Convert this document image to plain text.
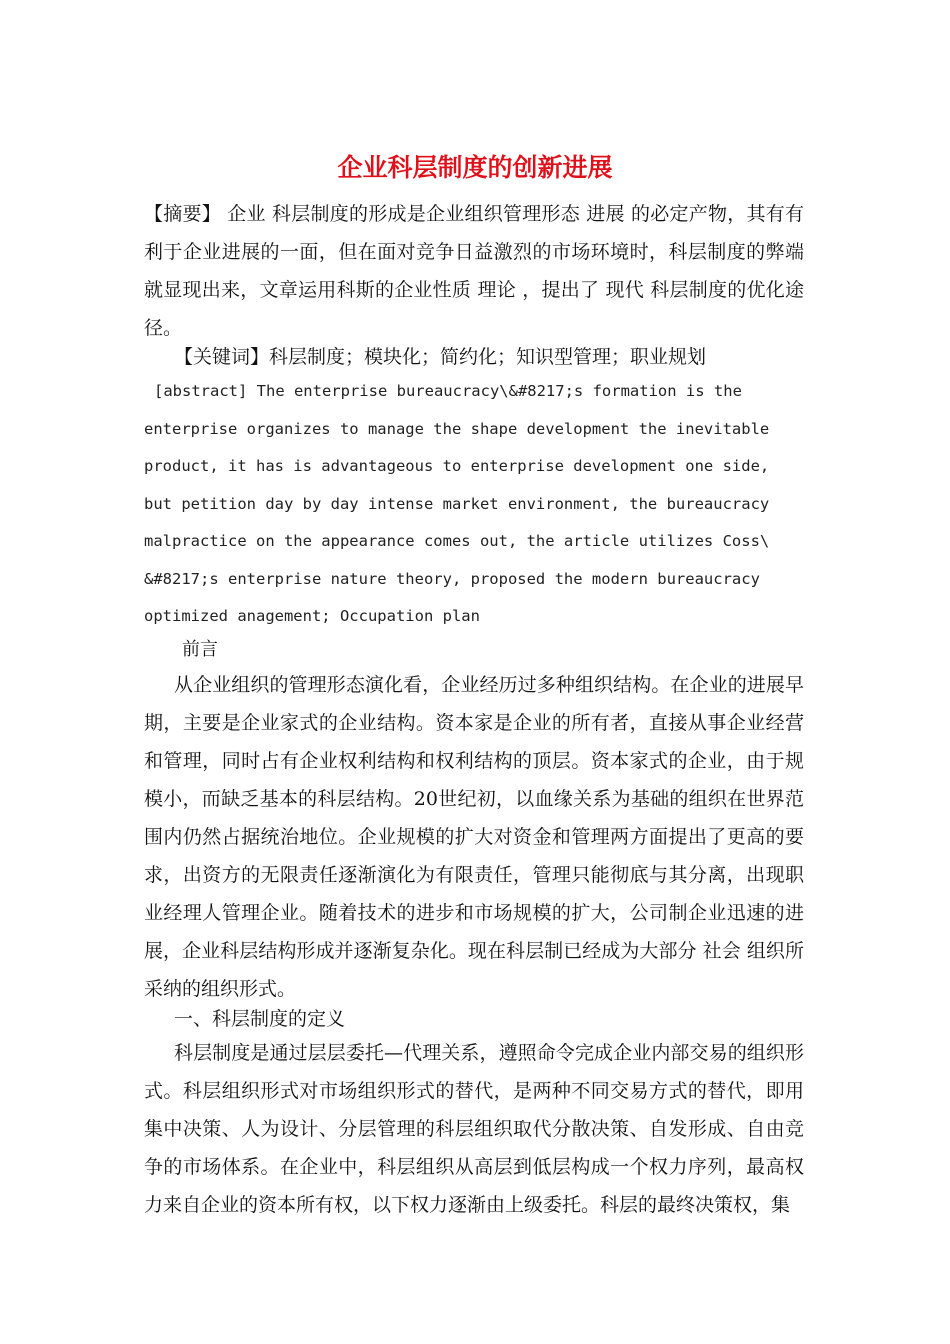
企业科层制度的创新进展

【摘要】 企业 科层制度的形成是企业组织管理形态 进展 的必定产物，其有有利于企业进展的一面，但在面对竞争日益激烈的市场环境时，科层制度的弊端就显现出来，文章运用科斯的企业性质 理论 ，提出了 现代 科层制度的优化途径。

【关键词】科层制度；模块化；简约化；知识型管理；职业规划

[abstract] The enterprise bureaucracy\&#8217;s formation is the
enterprise organizes to manage the shape development the inevitable
product, it has is advantageous to enterprise development one side,
but petition day by day intense market environment, the bureaucracy
malpractice on the appearance comes out, the article utilizes Coss\
&#8217;s enterprise nature theory, proposed the modern bureaucracy
optimized anagement; Occupation plan

前言

从企业组织的管理形态演化看，企业经历过多种组织结构。在企业的进展早期，主要是企业家式的企业结构。资本家是企业的所有者，直接从事企业经营和管理，同时占有企业权利结构和权利结构的顶层。资本家式的企业，由于规模小，而缺乏基本的科层结构。20世纪初，以血缘关系为基础的组织在世界范围内仍然占据统治地位。企业规模的扩大对资金和管理两方面提出了更高的要求，出资方的无限责任逐渐演化为有限责任，管理只能彻底与其分离，出现职业经理人管理企业。随着技术的进步和市场规模的扩大，公司制企业迅速的进展，企业科层结构形成并逐渐复杂化。现在科层制已经成为大部分 社会 组织所采纳的组织形式。

一、科层制度的定义

科层制度是通过层层委托—代理关系，遵照命令完成企业内部交易的组织形式。科层组织形式对市场组织形式的替代，是两种不同交易方式的替代，即用集中决策、人为设计、分层管理的科层组织取代分散决策、自发形成、自由竞争的市场体系。在企业中，科层组织从高层到低层构成一个权力序列，最高权力来自企业的资本所有权，以下权力逐渐由上级委托。科层的最终决策权，集
